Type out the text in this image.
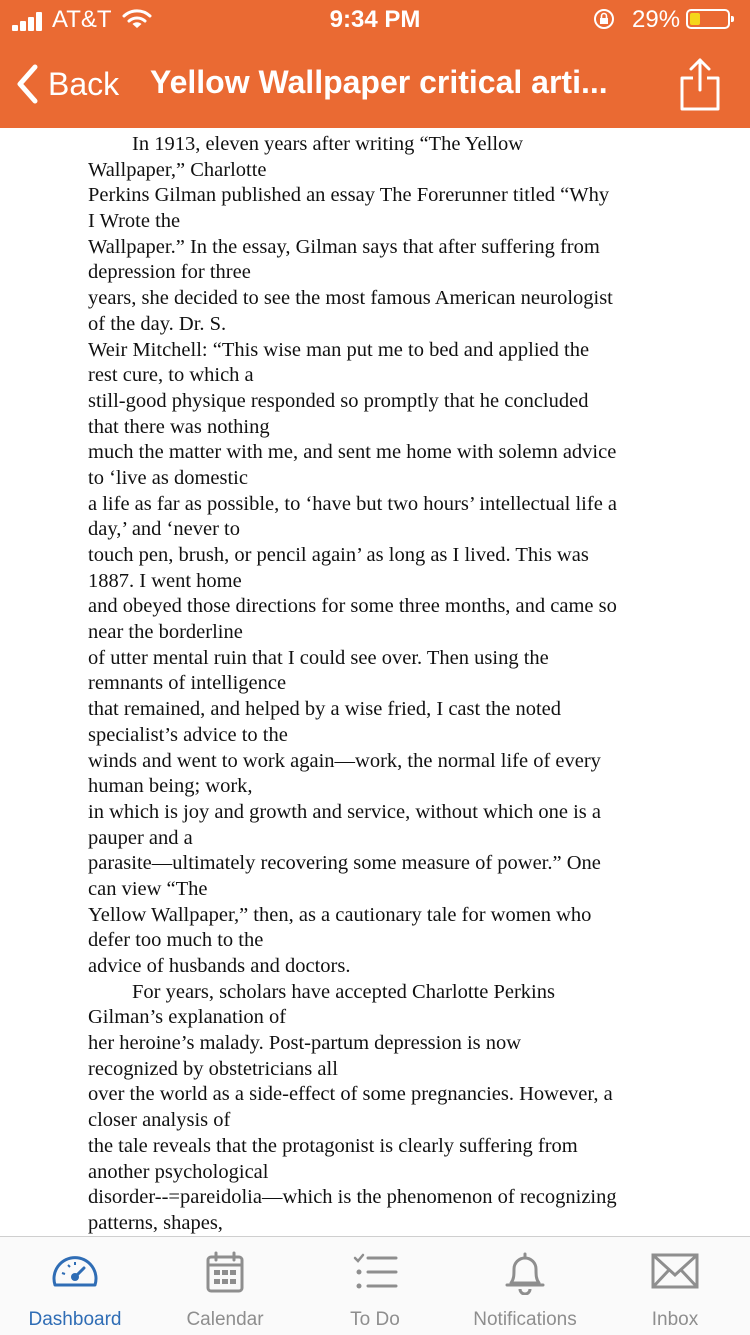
AT&T	9:34 PM	29%
Back Yellow Wallpaper critical arti...
In 1913, eleven years after writing “The Yellow
Wallpaper,” Charlotte
Perkins Gilman published an essay The Forerunner titled “Why
I Wrote the
Wallpaper.” In the essay, Gilman says that after suffering from
depression for three
years, she decided to see the most famous American neurologist
of the day. Dr. S.
Weir Mitchell: “This wise man put me to bed and applied the
rest cure, to which a
still-good physique responded so promptly that he concluded
that there was nothing
much the matter with me, and sent me home with solemn advice
to ‘live as domestic
a life as far as possible, to ‘have but two hours’ intellectual life a
day,’ and ‘never to
touch pen, brush, or pencil again’ as long as I lived. This was
1887. I went home
and obeyed those directions for some three months, and came so
near the borderline
of utter mental ruin that I could see over. Then using the
remnants of intelligence
that remained, and helped by a wise fried, I cast the noted
specialist’s advice to the
winds and went to work again—work, the normal life of every
human being; work,
in which is joy and growth and service, without which one is a
pauper and a
parasite—ultimately recovering some measure of power.” One
can view “The
Yellow Wallpaper,” then, as a cautionary tale for women who
defer too much to the
advice of husbands and doctors.
For years, scholars have accepted Charlotte Perkins
Gilman’s explanation of
her heroine’s malady. Post-partum depression is now
recognized by obstetricians all
over the world as a side-effect of some pregnancies. However, a
closer analysis of
the tale reveals that the protagonist is clearly suffering from
another psychological
disorder--=pareidolia—which is the phenomenon of recognizing
patterns, shapes,
Dashboard	Calendar	To Do	Notifications	Inbox
